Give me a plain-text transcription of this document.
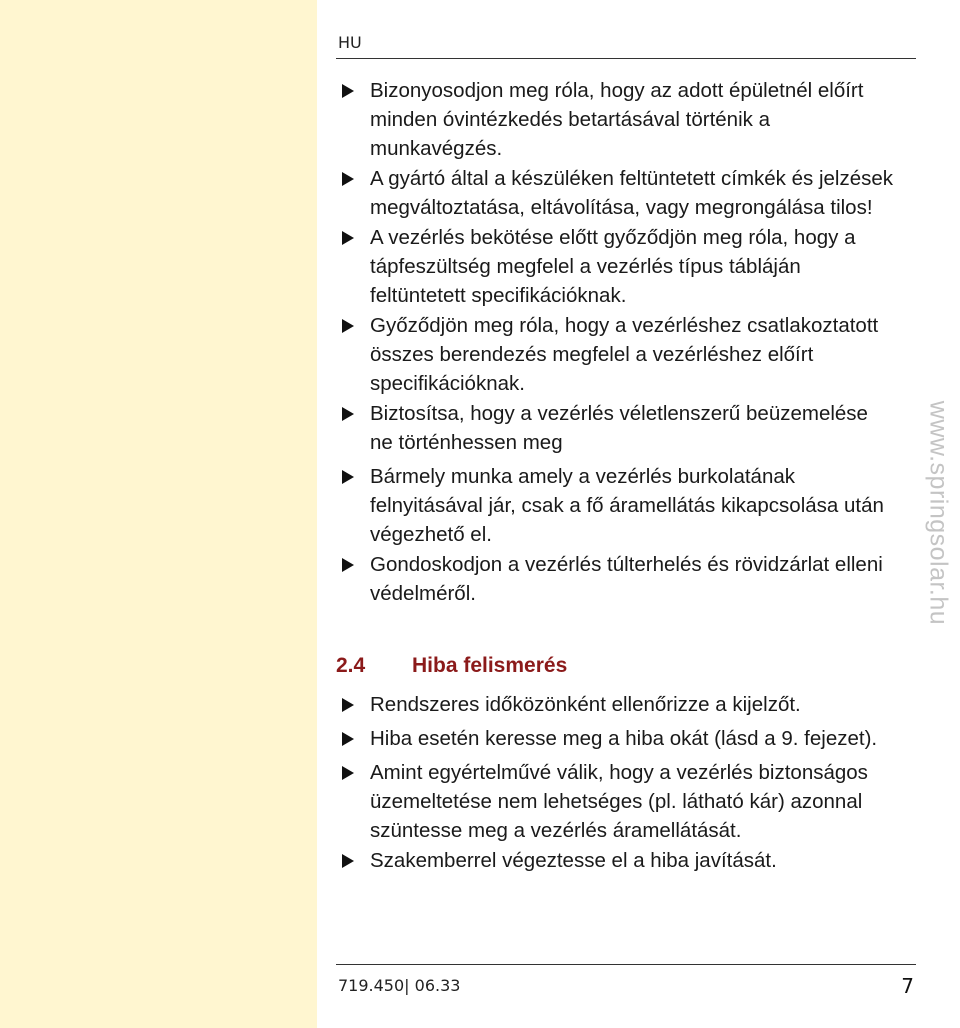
HU
Bizonyosodjon meg róla, hogy az adott épületnél előírt minden óvintézkedés betartásával történik a munkavégzés.
A gyártó által a készüléken feltüntetett címkék és jelzések megváltoztatása, eltávolítása, vagy megrongálása tilos!
A vezérlés bekötése előtt győződjön meg róla, hogy a tápfeszültség megfelel a vezérlés típus tábláján feltüntetett specifikációknak.
Győződjön meg róla, hogy a vezérléshez csatlakoztatott összes berendezés megfelel a vezérléshez előírt specifikációknak.
Biztosítsa, hogy a vezérlés véletlenszerű beüzemelése ne történhessen meg
Bármely munka amely a vezérlés burkolatának felnyitásával jár, csak a fő áramellátás kikapcsolása után végezhető el.
Gondoskodjon a vezérlés túlterhelés és rövidzárlat elleni védelméről.
2.4 Hiba felismerés
Rendszeres időközönként ellenőrizze a kijelzőt.
Hiba esetén keresse meg a hiba okát (lásd a 9. fejezet).
Amint egyértelművé válik, hogy a vezérlés biztonságos üzemeltetése nem lehetséges (pl. látható kár) azonnal szüntesse meg a vezérlés áramellátását.
Szakemberrel végeztesse el a hiba javítását.
719.450| 06.33	7
www.springsolar.hu
